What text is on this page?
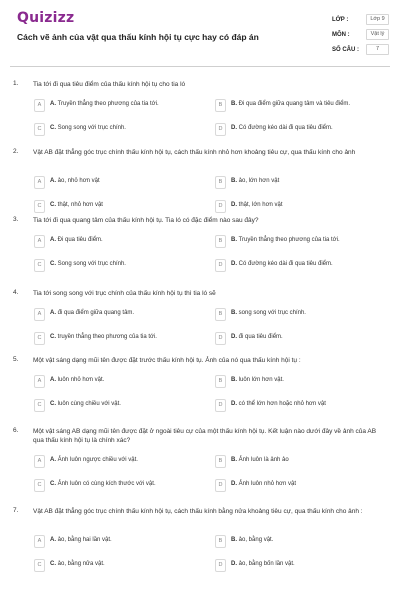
Quizizz
Cách vẽ ảnh của vật qua thấu kính hội tụ cực hay có đáp án
LỚP :	Lớp 9
MÔN :	Vật lý
SỐ CÂU :	7
1. Tia tới đi qua tiêu điểm của thấu kính hội tụ cho tia ló
A	A. Truyền thẳng theo phương của tia tới.	B	B. Đi qua điểm giữa quang tâm và tiêu điểm.
C	C. Song song với trục chính.	D	D. Có đường kéo dài đi qua tiêu điểm.
2. Vật AB đặt thẳng góc trục chính thấu kính hội tụ, cách thấu kính nhỏ hơn khoảng tiêu cự, qua thấu kính cho ảnh
A	A. ảo, nhỏ hơn vật	B	B. ảo, lớn hơn vật
C	C. thật, nhỏ hơn vật	D	D. thật, lớn hơn vật
3. Tia tới đi qua quang tâm của thấu kính hội tụ. Tia ló có đặc điểm nào sau đây?
A	A. Đi qua tiêu điểm.	B	B. Truyền thẳng theo phương của tia tới.
C	C. Song song với trục chính.	D	D. Có đường kéo dài đi qua tiêu điểm.
4. Tia tới song song với trục chính của thấu kính hội tụ thì tia ló sẽ
A	A. đi qua điểm giữa quang tâm.	B	B. song song với trục chính.
C	C. truyền thẳng theo phương của tia tới.	D	D. đi qua tiêu điểm.
5. Một vật sáng dạng mũi tên được đặt trước thấu kính hội tụ. Ảnh của nó qua thấu kính hội tụ :
A	A. luôn nhỏ hơn vật.	B	B. luôn lớn hơn vật.
C	C. luôn cùng chiều với vật.	D	D. có thể lớn hơn hoặc nhỏ hơn vật
6. Một vật sáng AB dạng mũi tên được đặt ở ngoài tiêu cự của một thấu kính hội tụ. Kết luận nào dưới đây về ảnh của AB qua thấu kính hội tụ là chính xác?
A	A. Ảnh luôn ngược chiều với vật.	B	B. Ảnh luôn là ảnh ảo
C	C. Ảnh luôn có cùng kích thước với vật.	D	D. Ảnh luôn nhỏ hơn vật
7. Vật AB đặt thẳng góc trục chính thấu kính hội tụ, cách thấu kính bằng nửa khoảng tiêu cự, qua thấu kính cho ảnh :
A	A. ảo, bằng hai lần vật.	B	B. ảo, bằng vật.
C	C. ảo, bằng nửa vật.	D	D. ảo, bằng bốn lần vật.
